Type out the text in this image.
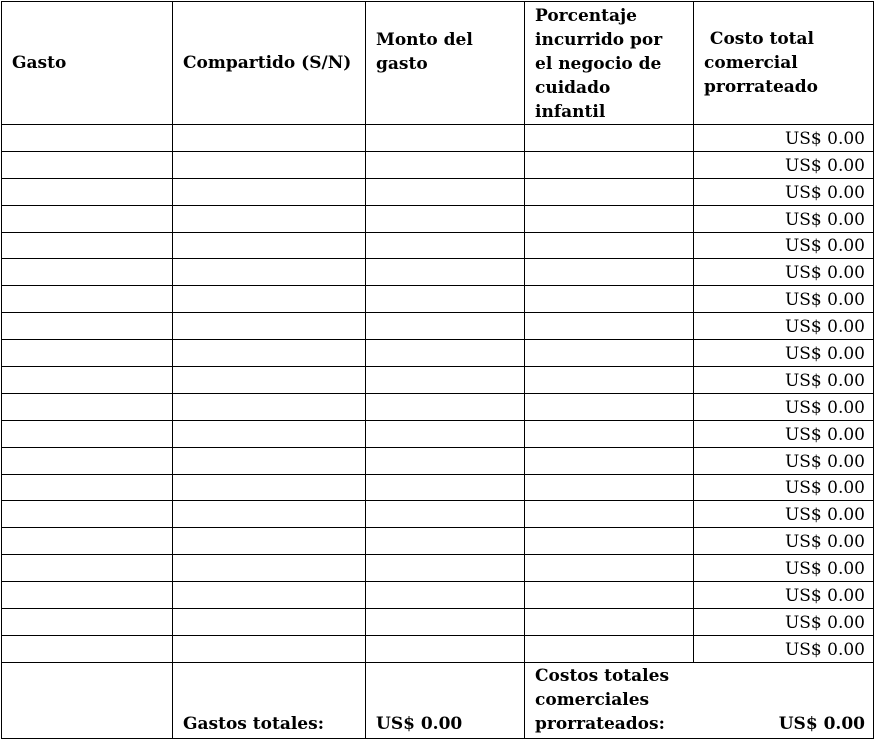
Gasto	Compartido (S/N)	Monto del gasto	Porcentaje incurrido por el negocio de cuidado infantil	Costo total comercial prorrateado
				US$ 0.00
				US$ 0.00
				US$ 0.00
				US$ 0.00
				US$ 0.00
				US$ 0.00
				US$ 0.00
				US$ 0.00
				US$ 0.00
				US$ 0.00
				US$ 0.00
				US$ 0.00
				US$ 0.00
				US$ 0.00
				US$ 0.00
				US$ 0.00
				US$ 0.00
				US$ 0.00
				US$ 0.00
				US$ 0.00
	Gastos totales:	US$ 0.00	Costos totales comerciales prorrateados: US$ 0.00	
